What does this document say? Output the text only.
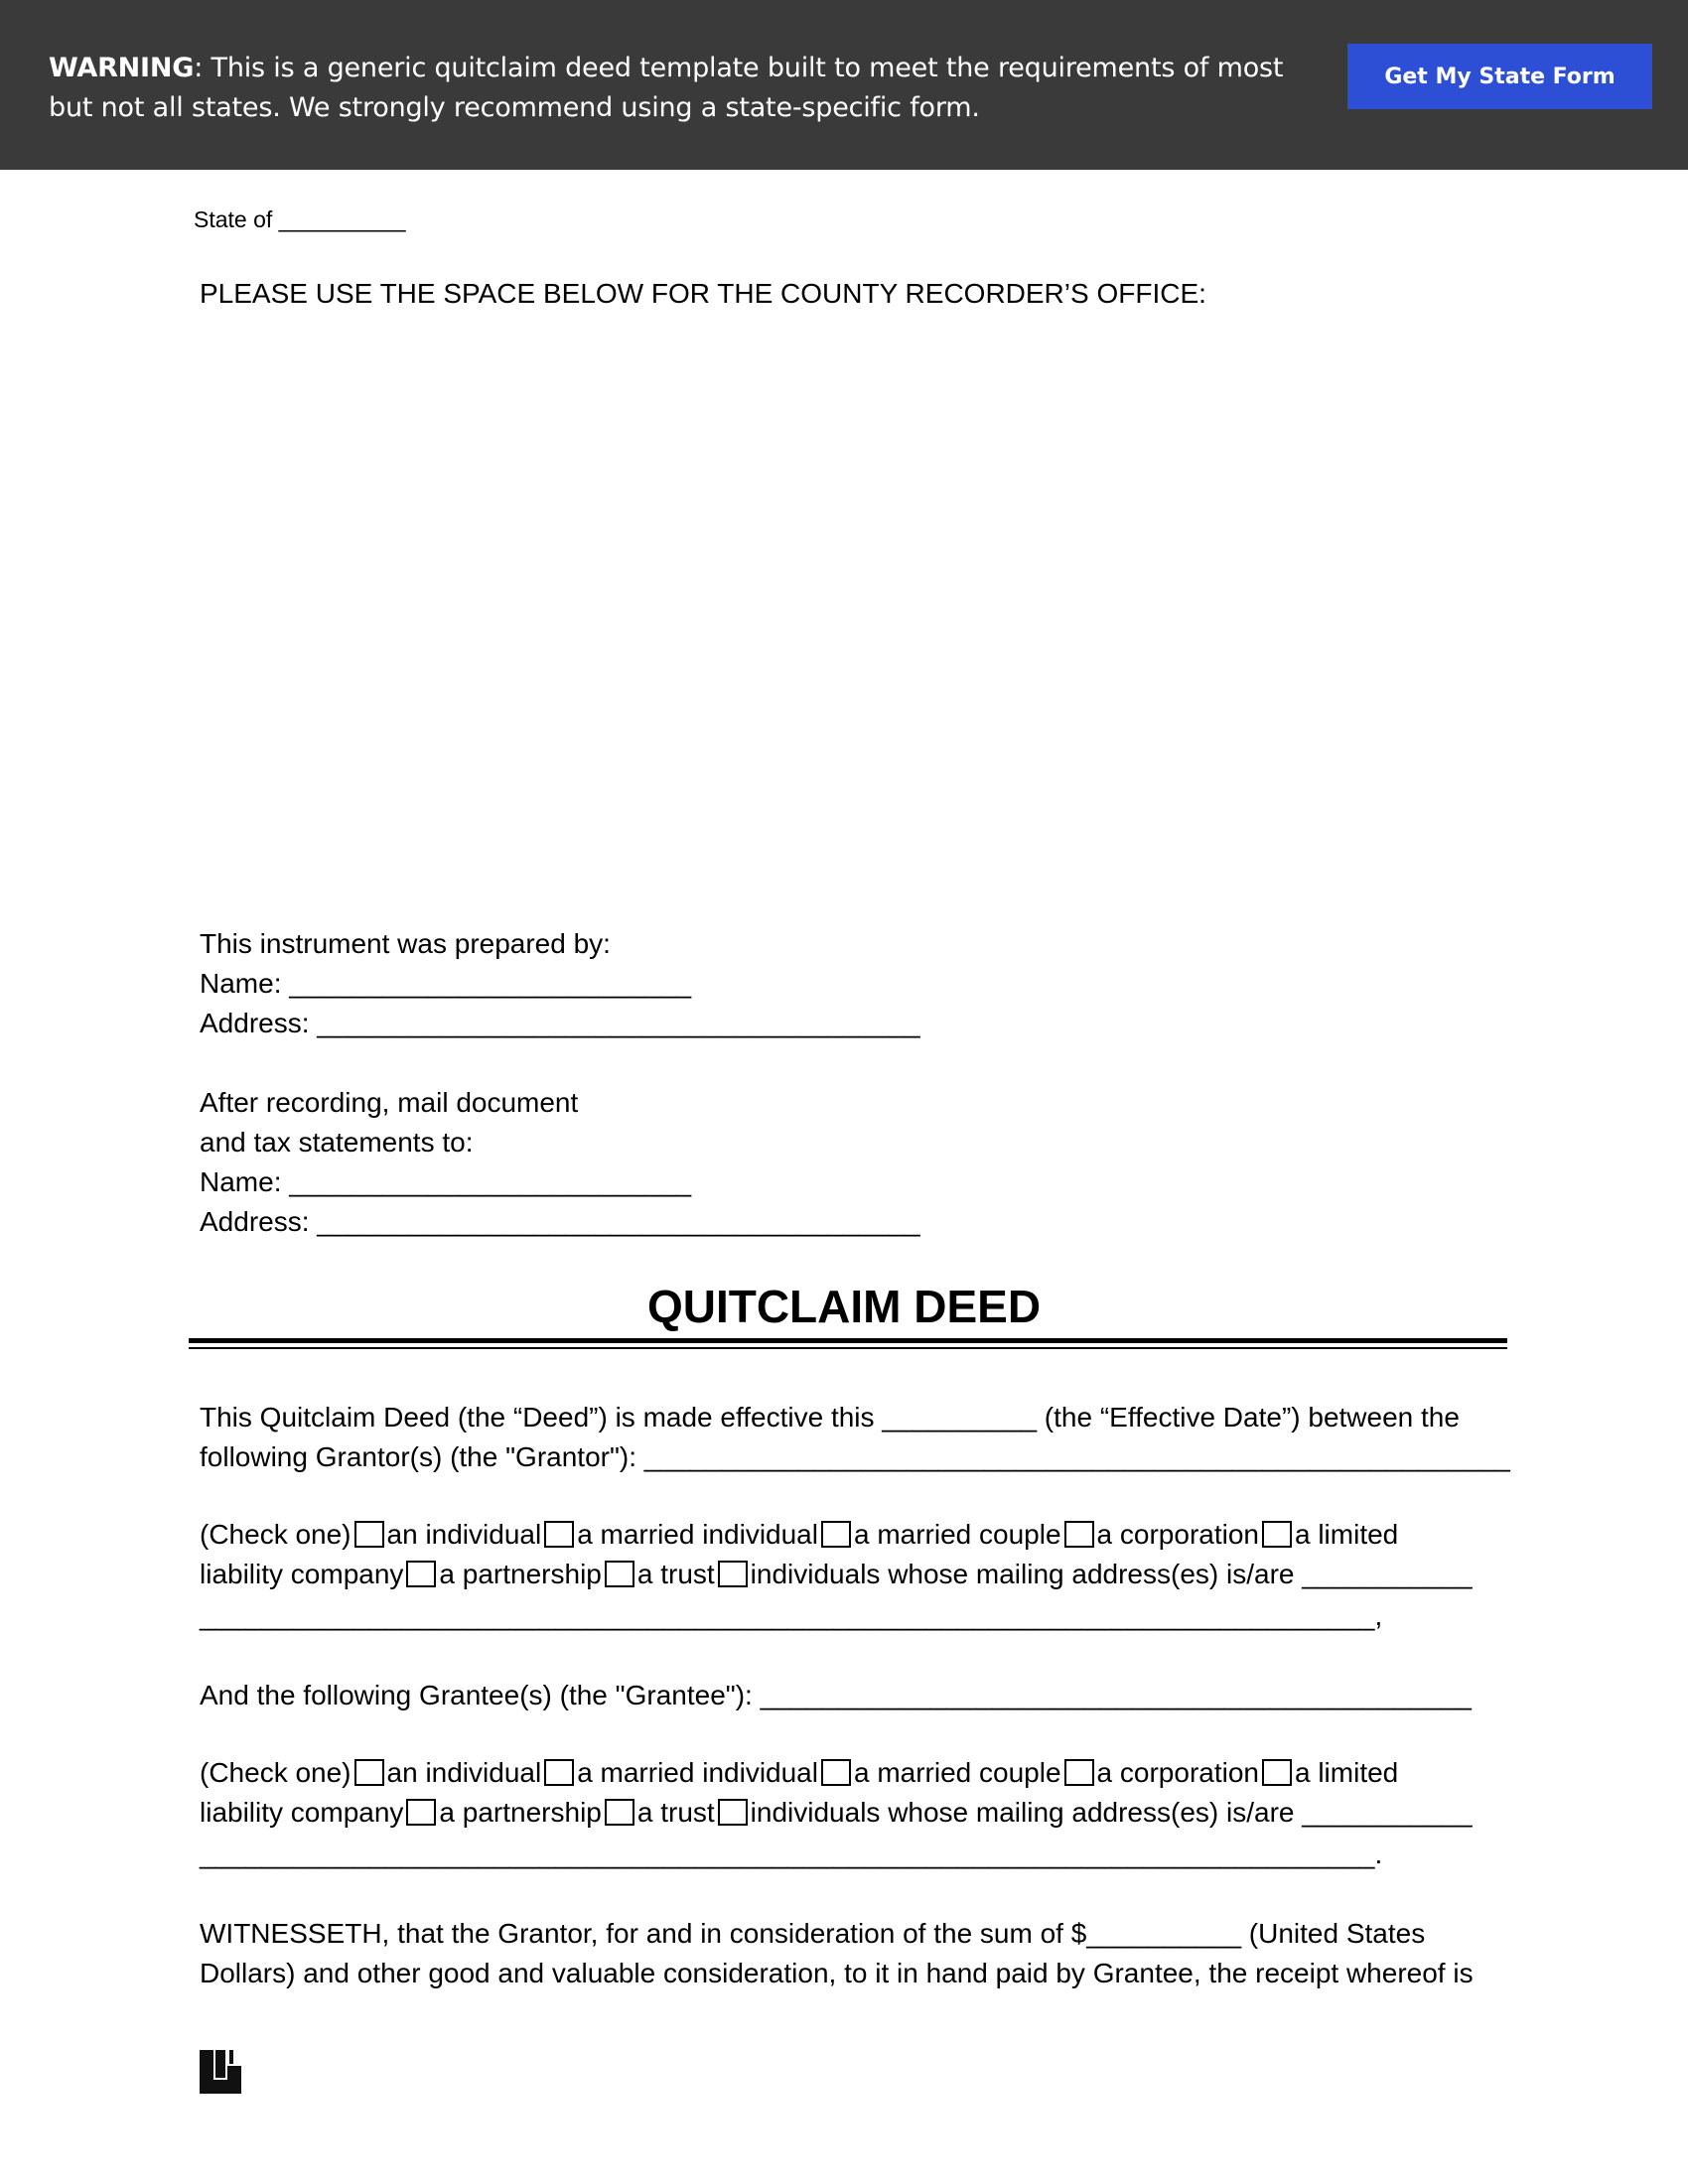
WARNING: This is a generic quitclaim deed template built to meet the requirements of most but not all states. We strongly recommend using a state-specific form.
Get My State Form
State of __________
PLEASE USE THE SPACE BELOW FOR THE COUNTY RECORDER’S OFFICE:
This instrument was prepared by:
Name: __________________________
Address: _______________________________________
After recording, mail document
and tax statements to:
Name: __________________________
Address: _______________________________________
QUITCLAIM DEED
This Quitclaim Deed (the “Deed”) is made effective this __________ (the “Effective Date”) between the
following Grantor(s) (the "Grantor"): ________________________________________________________
(Check one) an individual a married individual a married couple a corporation a limited
liability company a partnership a trust individuals whose mailing address(es) is/are ___________
____________________________________________________________________________,
And the following Grantee(s) (the "Grantee"): ______________________________________________
(Check one) an individual a married individual a married couple a corporation a limited
liability company a partnership a trust individuals whose mailing address(es) is/are ___________
____________________________________________________________________________.
WITNESSETH, that the Grantor, for and in consideration of the sum of $__________ (United States
Dollars) and other good and valuable consideration, to it in hand paid by Grantee, the receipt whereof is
